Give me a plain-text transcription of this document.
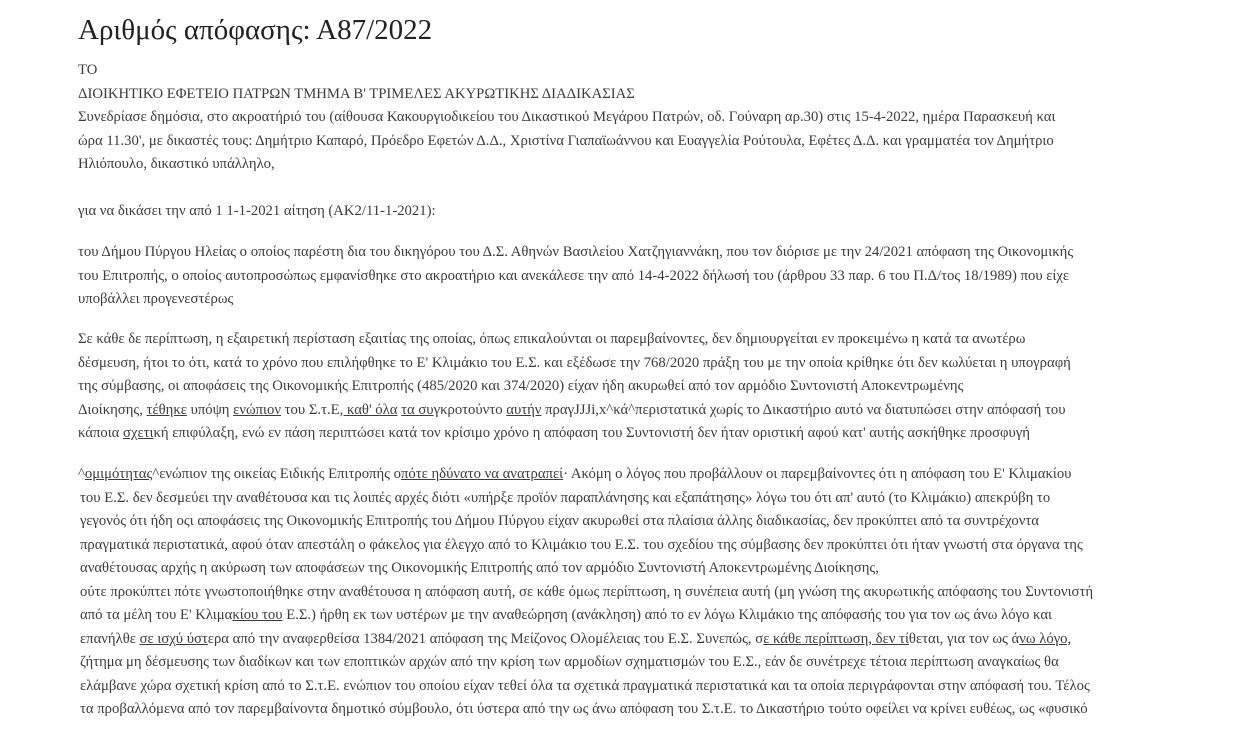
Αριθμός απόφασης: Α87/2022

ΤΟ

ΔΙΟΙΚΗΤΙΚΟ ΕΦΕΤΕΙΟ ΠΑΤΡΩΝ ΤΜΗΜΑ Β' ΤΡΙΜΕΛΕΣ ΑΚΥΡΩΤΙΚΗΣ ΔΙΑΔΙΚΑΣΙΑΣ

Συνεδρίασε δημόσια, στο ακροατήριό του (αίθουσα Κακουργιοδικείου του Δικαστικού Μεγάρου Πατρών, οδ. Γούναρη αρ.30) στις 15-4-2022, ημέρα Παρασκευή και

ώρα 11.30', με δικαστές τους: Δημήτριο Καπαρό, Πρόεδρο Εφετών Δ.Δ., Χριστίνα Γιαπαϊωάννου και Ευαγγελία Ρούτουλα, Εφέτες Δ.Δ. και γραμματέα τον Δημήτριο

Ηλιόπουλο, δικαστικό υπάλληλο,

για να δικάσει την από 1 1-1-2021 αίτηση (ΑΚ2/11-1-2021):

του Δήμου Πύργου Ηλείας ο οποίος παρέστη δια του δικηγόρου του Δ.Σ. Αθηνών Βασιλείου Χατζηγιαννάκη, που τον διόρισε με την 24/2021 απόφαση της Οικονομικής

του Επιτροπής, ο οποίος αυτοπροσώπως εμφανίσθηκε στο ακροατήριο και ανεκάλεσε την από 14-4-2022 δήλωσή του (άρθρου 33 παρ. 6 του Π.Δ/τος 18/1989) που είχε

υποβάλλει προγενεστέρως

Σε κάθε δε περίπτωση, η εξαιρετική περίσταση εξαιτίας της οποίας, όπως επικαλούνται οι παρεμβαίνοντες, δεν δημιουργείται εν προκειμένω η κατά τα ανωτέρω

δέσμευση, ήτοι το ότι, κατά το χρόνο που επιλήφθηκε το Ε' Κλιμάκιο του Ε.Σ. και εξέδωσε την 768/2020 πράξη του με την οποία κρίθηκε ότι δεν κωλύεται η υπογραφή

της σύμβασης, οι αποφάσεις της Οικονομικής Επιτροπής (485/2020 και 374/2020) είχαν ήδη ακυρωθεί από τον αρμόδιο Συντονιστή Αποκεντρωμένης

Διοίκησης, τέθηκε υπόψη ενώπιον του Σ.τ.Ε, καθ' όλα τα συγκροτούντο αυτήν πραγJJJi,x^κά^περιστατικά χωρίς το Δικαστήριο αυτό να διατυπώσει στην απόφασή του

κάποια σχετική επιφύλαξη, ενώ εν πάση περιπτώσει κατά τον κρίσιμο χρόνο η απόφαση του Συντονιστή δεν ήταν οριστική αφού κατ' αυτής ασκήθηκε προσφυγή

^ομιμότητας^ενώπιον της οικείας Ειδικής Επιτροπής οπότε ηδύνατο να ανατραπεί· Ακόμη ο λόγος που προβάλλουν οι παρεμβαίνοντες ότι η απόφαση του Ε' Κλιμακίου

του Ε.Σ. δεν δεσμεύει την αναθέτουσα και τις λοιπές αρχές διότι «υπήρξε προϊόν παραπλάνησης και εξαπάτησης» λόγω του ότι απ' αυτό (το Κλιμάκιο) απεκρύβη το

γεγονός ότι ήδη οςι αποφάσεις της Οικονομικής Επιτροπής του Δήμου Πύργου είχαν ακυρωθεί στα πλαίσια άλλης διαδικασίας, δεν προκύπτει από τα συντρέχοντα

πραγματικά περιστατικά, αφού όταν απεστάλη ο φάκελος για έλεγχο από το Κλιμάκιο του Ε.Σ. του σχεδίου της σύμβασης δεν προκύπτει ότι ήταν γνωστή στα όργανα της

αναθέτουσας αρχής η ακύρωση των αποφάσεων της Οικονομικής Επιτροπής από τον αρμόδιο Συντονιστή Αποκεντρωμένης Διοίκησης,

ούτε προκύπτει πότε γνωστοποιήθηκε στην αναθέτουσα η απόφαση αυτή, σε κάθε όμως περίπτωση, η συνέπεια αυτή (μη γνώση της ακυρωτικής απόφασης του Συντονιστή

από τα μέλη του Ε' Κλιμακίου του Ε.Σ.) ήρθη εκ των υστέρων με την αναθεώρηση (ανάκληση) από το εν λόγω Κλιμάκιο της απόφασής του για τον ως άνω λόγο και

επανήλθε σε ισχύ ύστερα από την αναφερθείσα 1384/2021 απόφαση της Μείζονος Ολομέλειας του Ε.Σ. Συνεπώς, σε κάθε περίπτωση, δεν τίθεται, για τον ως άνω λόγο,

ζήτημα μη δέσμευσης των διαδίκων και των εποπτικών αρχών από την κρίση των αρμοδίων σχηματισμών του Ε.Σ., εάν δε συνέτρεχε τέτοια περίπτωση αναγκαίως θα

ελάμβανε χώρα σχετική κρίση από το Σ.τ.Ε. ενώπιον του οποίου είχαν τεθεί όλα τα σχετικά πραγματικά περιστατικά και τα οποία περιγράφονται στην απόφασή του. Τέλος

τα προβαλλόμενα από τον παρεμβαίνοντα δημοτικό σύμβουλο, ότι ύστερα από την ως άνω απόφαση του Σ.τ.Ε. το Δικαστήριο τούτο οφείλει να κρίνει ευθέως, ως «φυσικό
